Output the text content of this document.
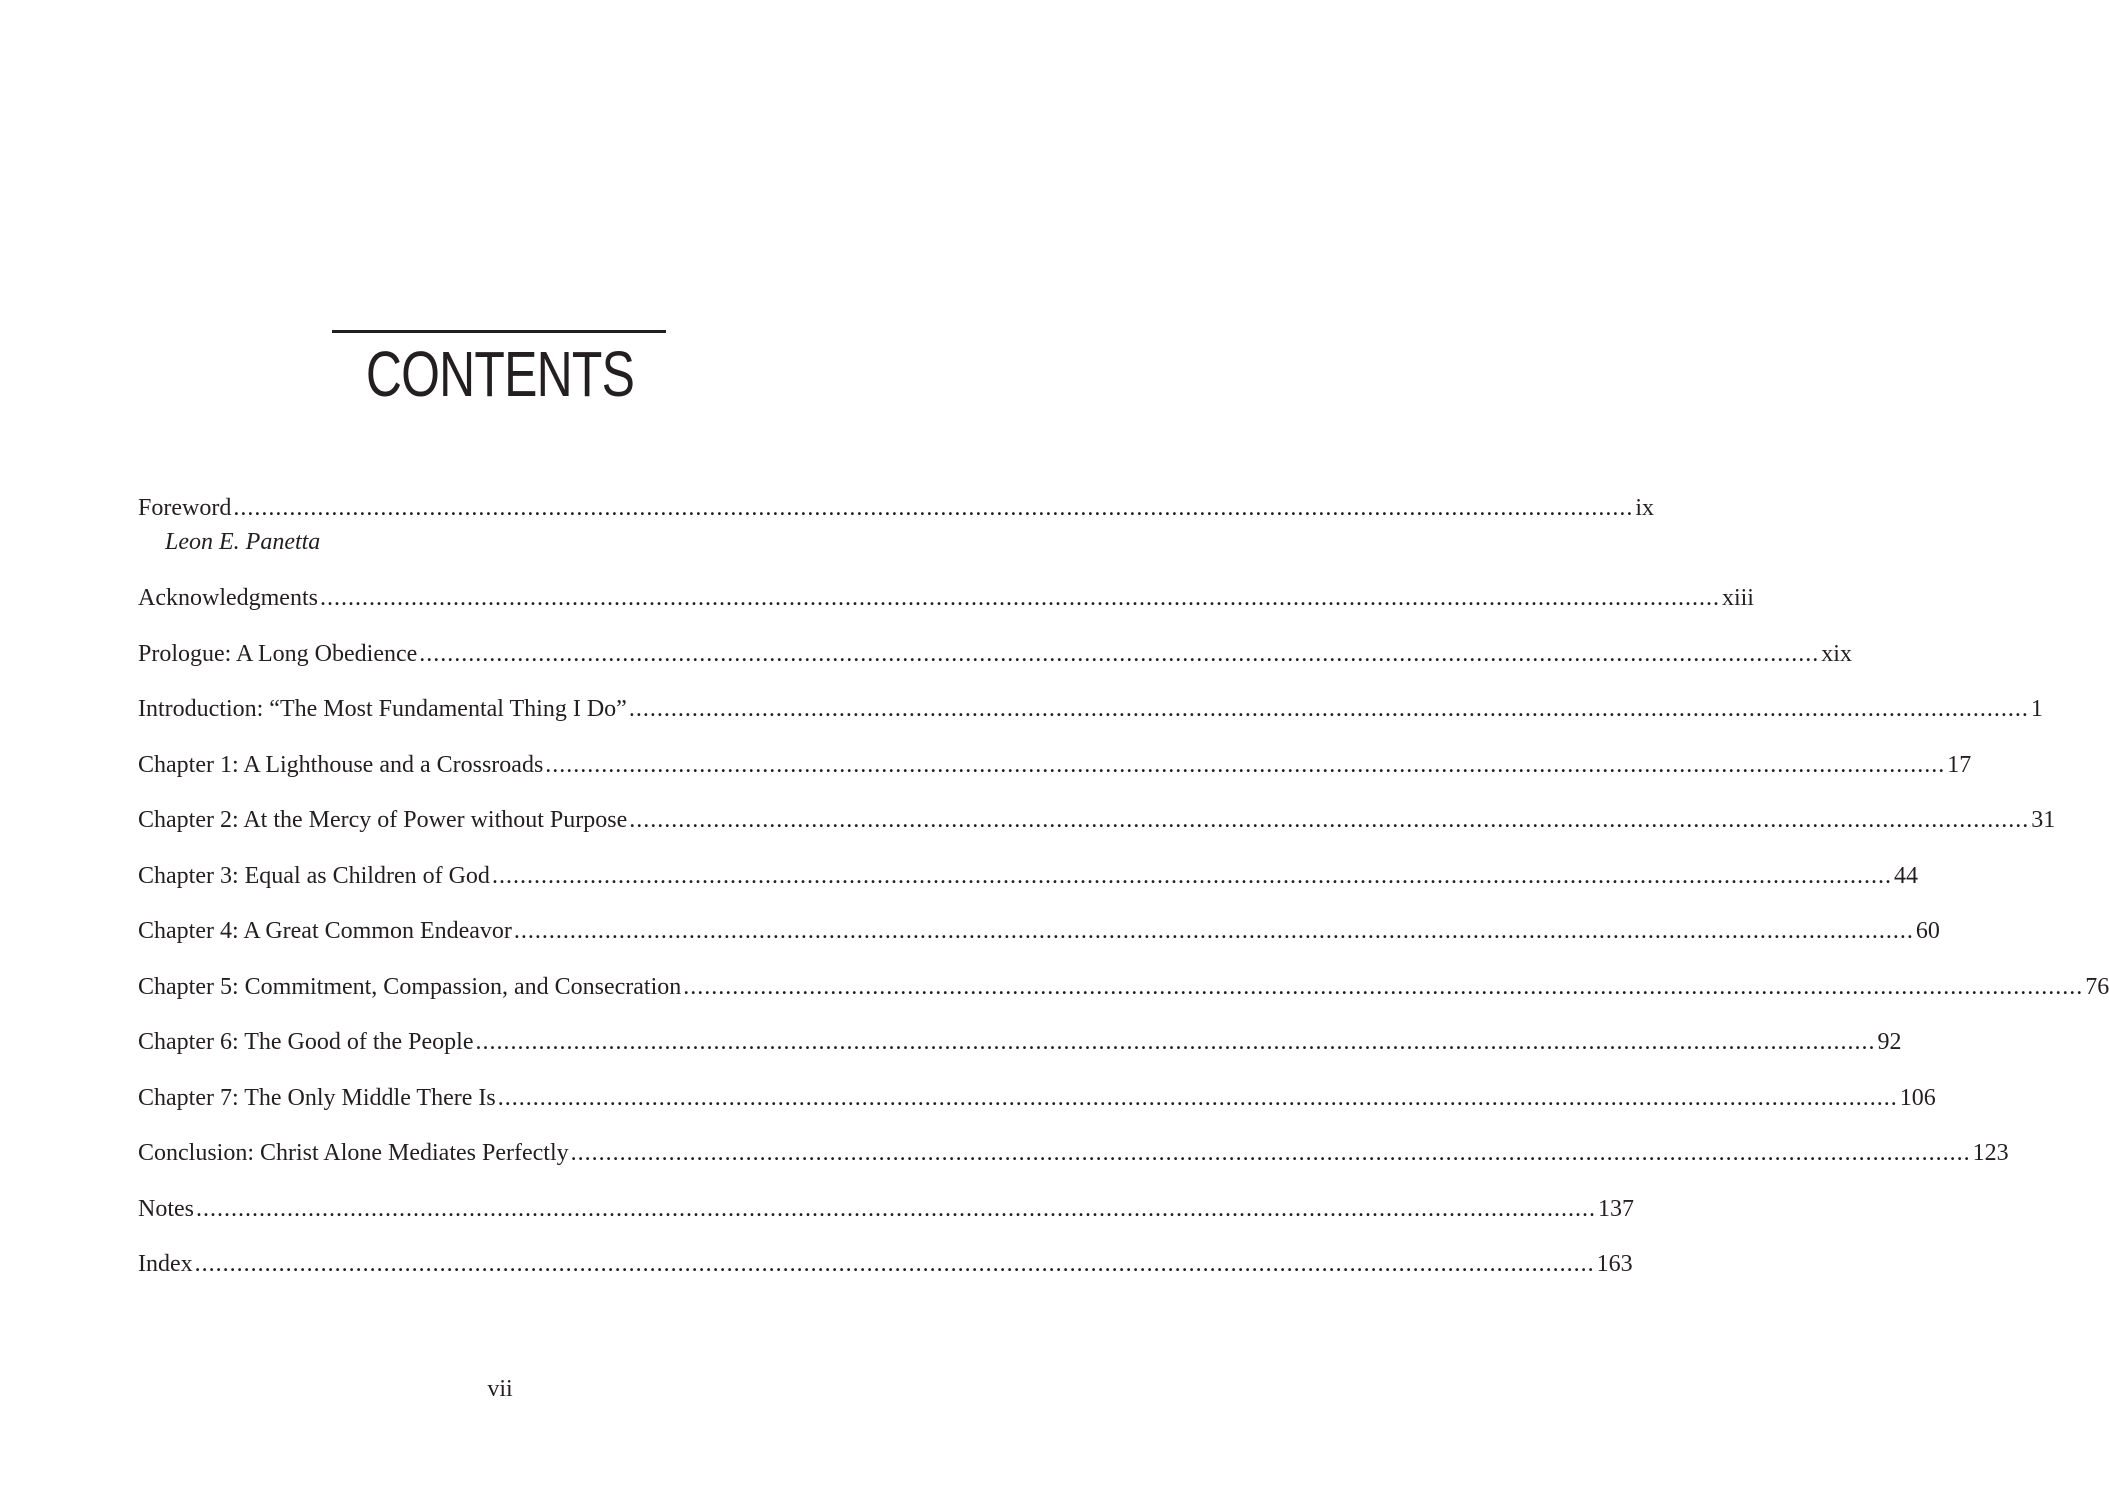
CONTENTS
Foreword ........................................................................................................................................................................................................ ix
Leon E. Panetta
Acknowledgments ........................................................................................................................................................................................................ xiii
Prologue: A Long Obedience ........................................................................................................................................................................................................ xix
Introduction: “The Most Fundamental Thing I Do” ........................................................................................................................................................................................................ 1
Chapter 1: A Lighthouse and a Crossroads ........................................................................................................................................................................................................ 17
Chapter 2: At the Mercy of Power without Purpose ........................................................................................................................................................................................................ 31
Chapter 3: Equal as Children of God ........................................................................................................................................................................................................ 44
Chapter 4: A Great Common Endeavor ........................................................................................................................................................................................................ 60
Chapter 5: Commitment, Compassion, and Consecration ........................................................................................................................................................................................................ 76
Chapter 6: The Good of the People ........................................................................................................................................................................................................ 92
Chapter 7: The Only Middle There Is ........................................................................................................................................................................................................ 106
Conclusion: Christ Alone Mediates Perfectly ........................................................................................................................................................................................................ 123
Notes ........................................................................................................................................................................................................ 137
Index ........................................................................................................................................................................................................ 163
vii
